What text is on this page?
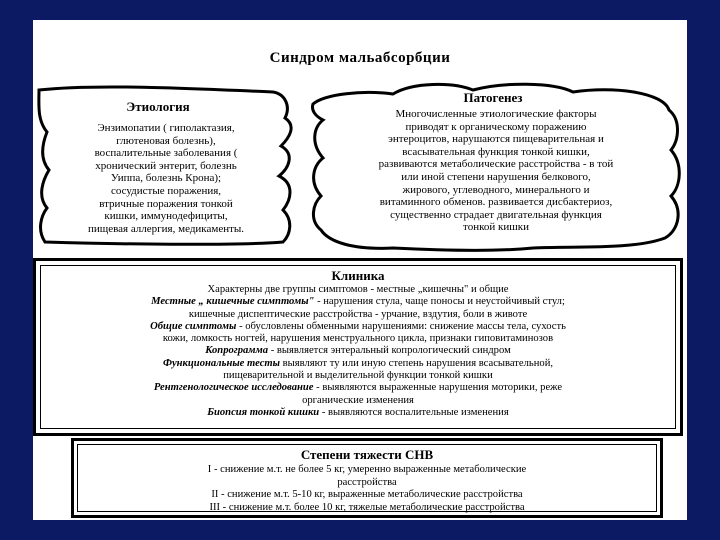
Синдром мальабсорбции
Этиология
Энзимопатии ( гиполактазия,
глютеновая болезнь),
воспалительные заболевания (
хронический энтерит, болезнь
Уиппа, болезнь Крона);
сосудистые поражения,
втричные поражения тонкой
кишки, иммунодефициты,
пищевая аллергия, медикаменты.
Патогенез
Многочисленные этиологические факторы
приводят к органическому поражению
энтероцитов, нарушаются пищеварительная и
всасывательная функция тонкой кишки,
развиваются метаболические расстройства - в той
или иной степени нарушения белкового,
жирового, углеводного, минерального и
витаминного обменов. развивается дисбактериоз,
существенно страдает двигательная функция
тонкой кишки
Клиника
Характерны две группы симптомов - местные „кишечны" и общие
Местные „ кишечные симптомы" - нарушения стула, чаще поносы и неустойчивый стул;
кишечные диспептические расстройства - урчание, вздутия, боли в животе
Общие симптомы - обусловлены обменными нарушениями: снижение массы тела, сухость
кожи, ломкость ногтей, нарушения менструального цикла, признаки гиповитаминозов
Копрограмма - выявляется энтеральный копрологический синдром
Функциональные тесты выявляют ту или иную степень нарушения всасывательной,
пищеварительной и выделительной функции тонкой кишки
Рентгенологическое исследование - выявляются выраженные нарушения моторики, реже
органические изменения
Биопсия тонкой кишки - выявляются воспалительные изменения
Степени тяжести СНВ
I - снижение м.т. не более 5 кг, умеренно выраженные метаболические
расстройства
II - снижение м.т. 5-10 кг, выраженные метаболические расстройства
III - снижение м.т. более 10 кг, тяжелые метаболические расстройства
